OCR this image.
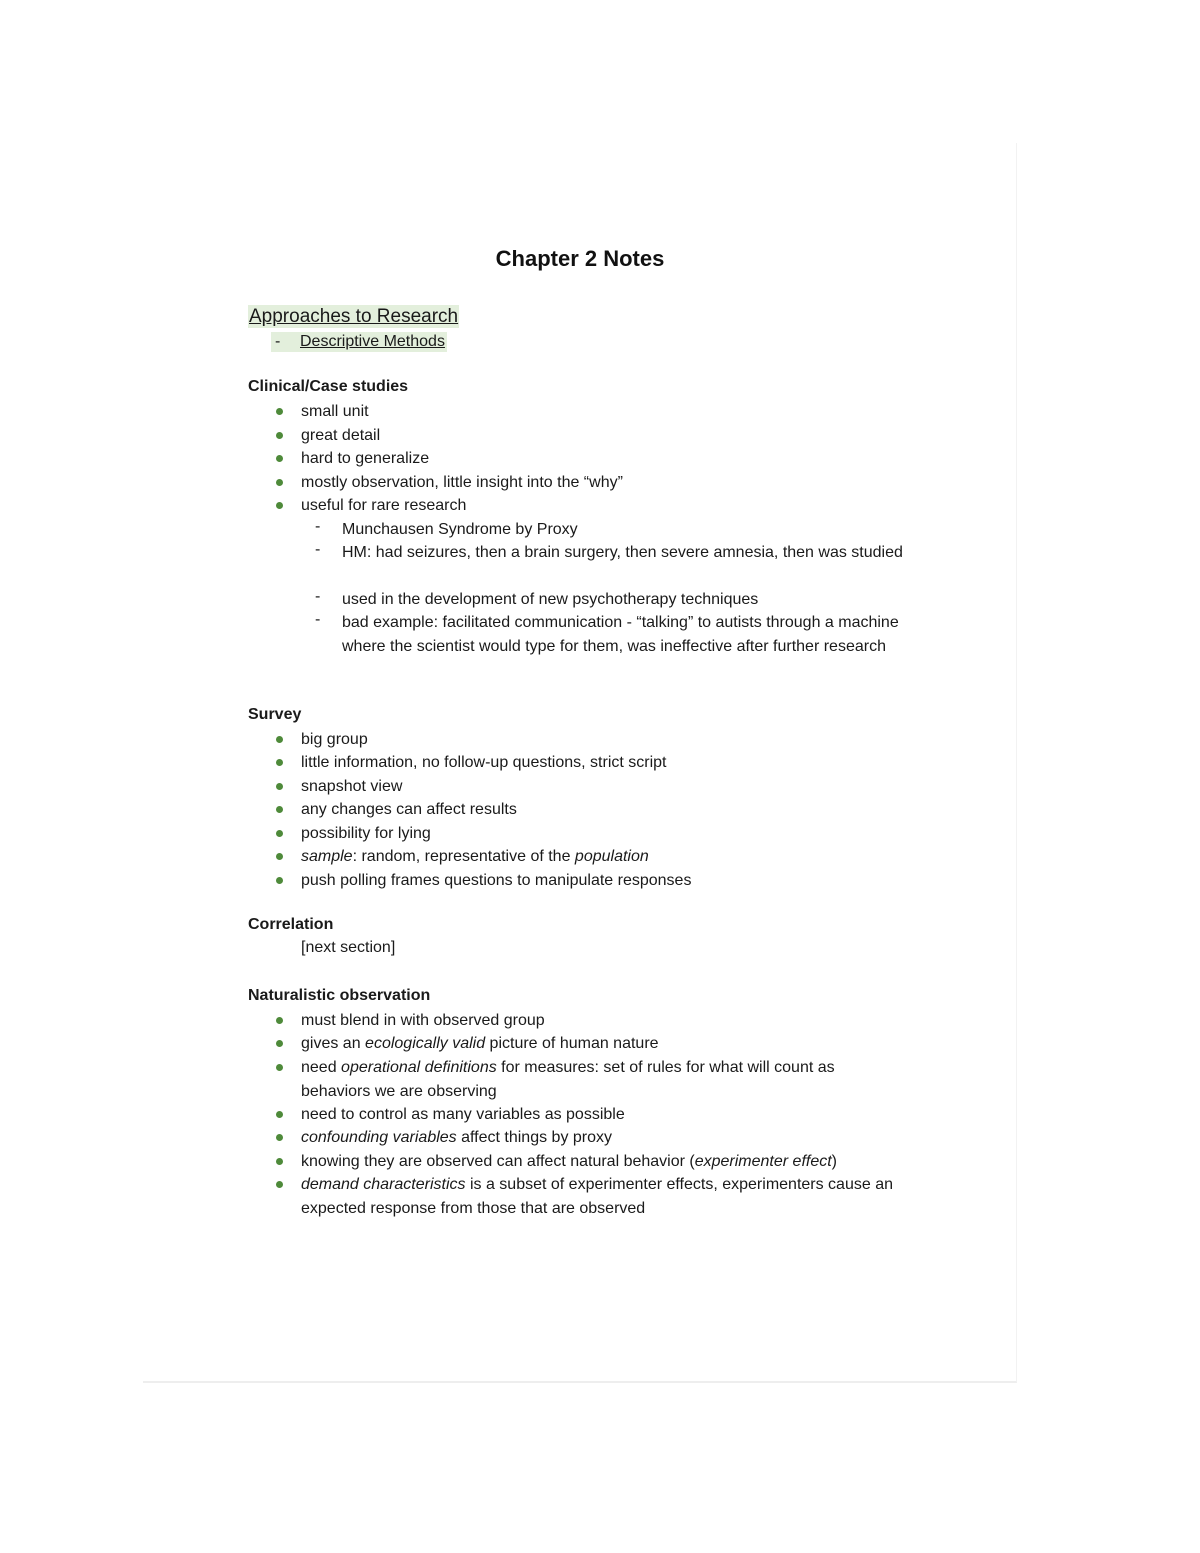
Chapter 2 Notes
Approaches to Research
- Descriptive Methods
Clinical/Case studies
small unit
great detail
hard to generalize
mostly observation, little insight into the “why”
useful for rare research
- Munchausen Syndrome by Proxy
- HM: had seizures, then a brain surgery, then severe amnesia, then was studied
- used in the development of new psychotherapy techniques
- bad example: facilitated communication - “talking” to autists through a machine where the scientist would type for them, was ineffective after further research
Survey
big group
little information, no follow-up questions, strict script
snapshot view
any changes can affect results
possibility for lying
sample: random, representative of the population
push polling frames questions to manipulate responses
Correlation
[next section]
Naturalistic observation
must blend in with observed group
gives an ecologically valid picture of human nature
need operational definitions for measures: set of rules for what will count as behaviors we are observing
need to control as many variables as possible
confounding variables affect things by proxy
knowing they are observed can affect natural behavior (experimenter effect)
demand characteristics is a subset of experimenter effects, experimenters cause an expected response from those that are observed
